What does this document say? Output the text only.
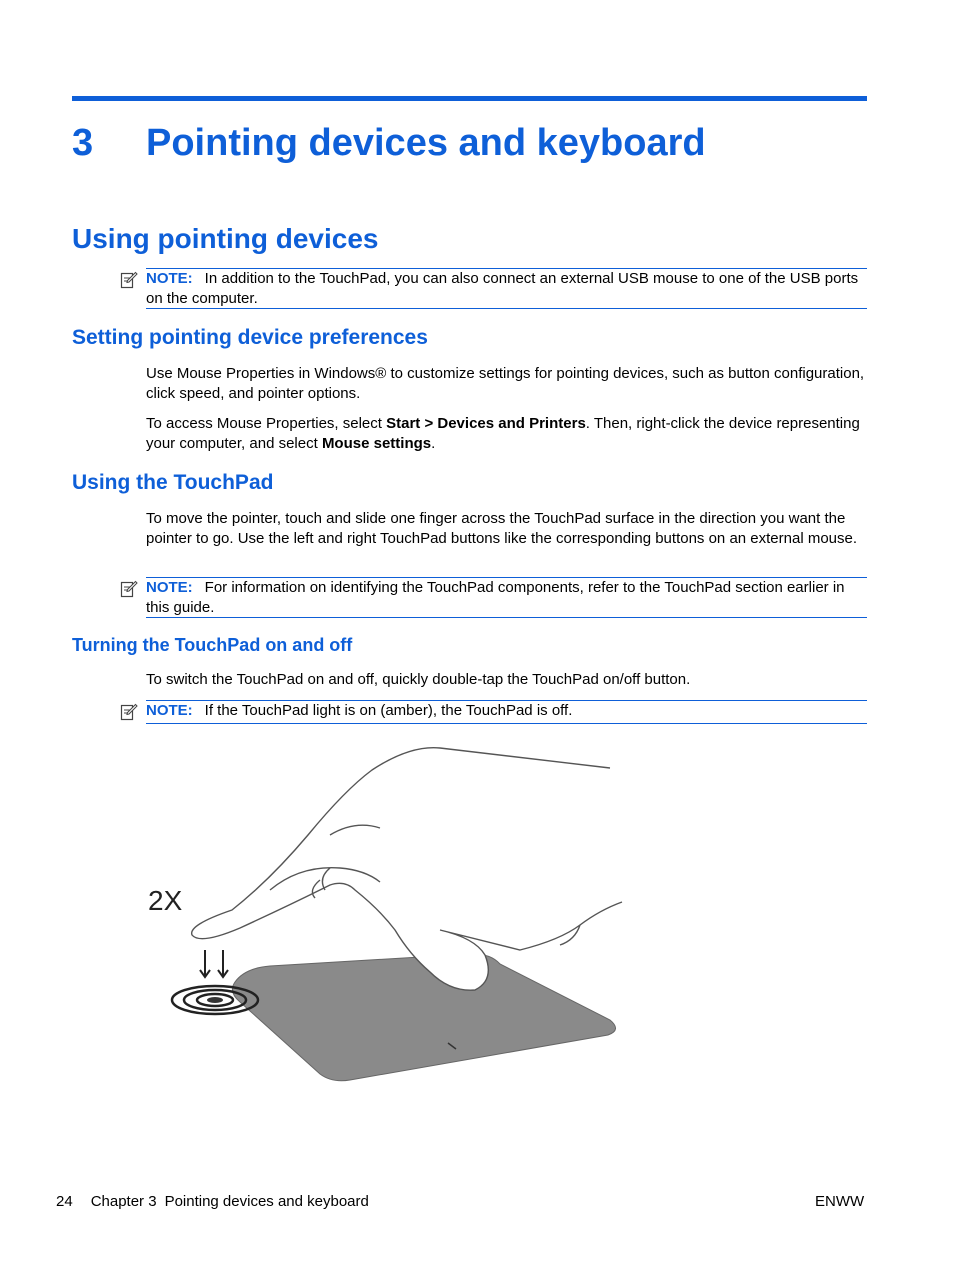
3 Pointing devices and keyboard
Using pointing devices
NOTE: In addition to the TouchPad, you can also connect an external USB mouse to one of the USB ports on the computer.
Setting pointing device preferences
Use Mouse Properties in Windows® to customize settings for pointing devices, such as button configuration, click speed, and pointer options.
To access Mouse Properties, select Start > Devices and Printers. Then, right-click the device representing your computer, and select Mouse settings.
Using the TouchPad
To move the pointer, touch and slide one finger across the TouchPad surface in the direction you want the pointer to go. Use the left and right TouchPad buttons like the corresponding buttons on an external mouse.
NOTE: For information on identifying the TouchPad components, refer to the TouchPad section earlier in this guide.
Turning the TouchPad on and off
To switch the TouchPad on and off, quickly double-tap the TouchPad on/off button.
NOTE: If the TouchPad light is on (amber), the TouchPad is off.
2X
24 Chapter 3 Pointing devices and keyboard	ENWW
